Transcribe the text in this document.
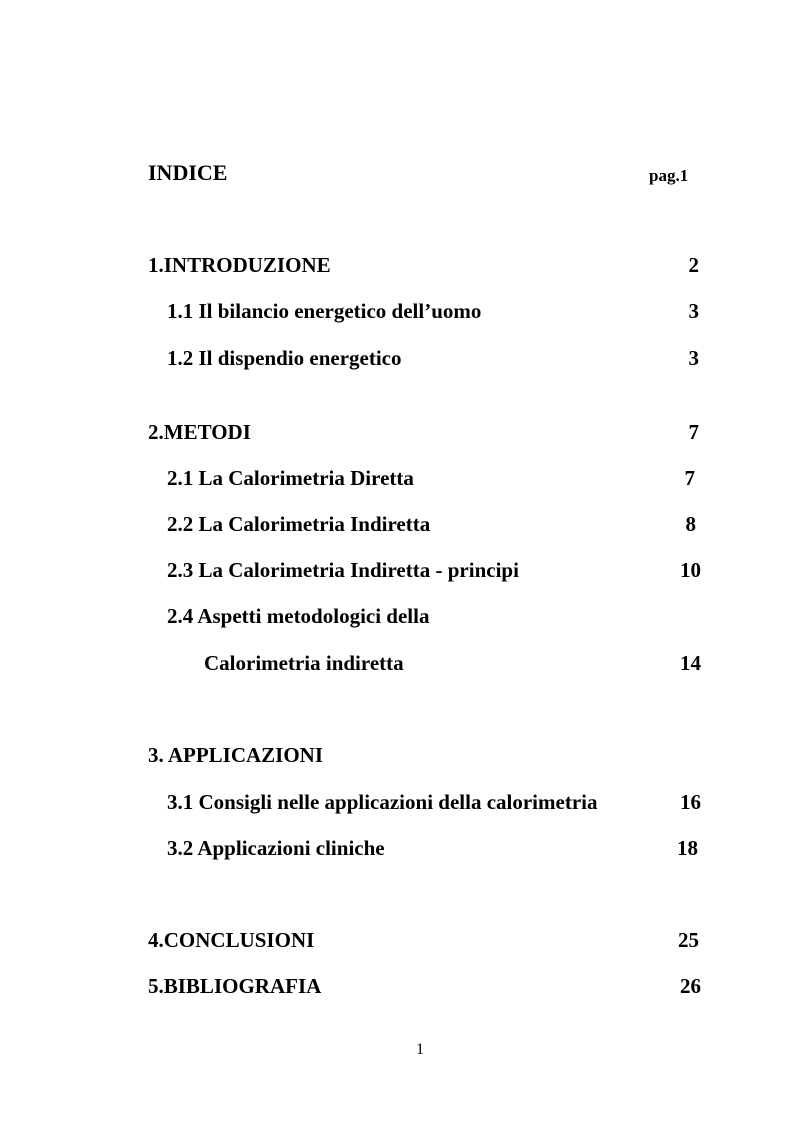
INDICE	pag.1
1.INTRODUZIONE	2
1.1 Il bilancio energetico dell’uomo	3
1.2 Il dispendio energetico	3
2.METODI	7
2.1 La Calorimetria Diretta	7
2.2 La Calorimetria Indiretta	8
2.3 La Calorimetria Indiretta - principi	10
2.4 Aspetti metodologici della
Calorimetria indiretta	14
3. APPLICAZIONI
3.1 Consigli nelle applicazioni della calorimetria	16
3.2 Applicazioni cliniche	18
4.CONCLUSIONI	25
5.BIBLIOGRAFIA	26
1
